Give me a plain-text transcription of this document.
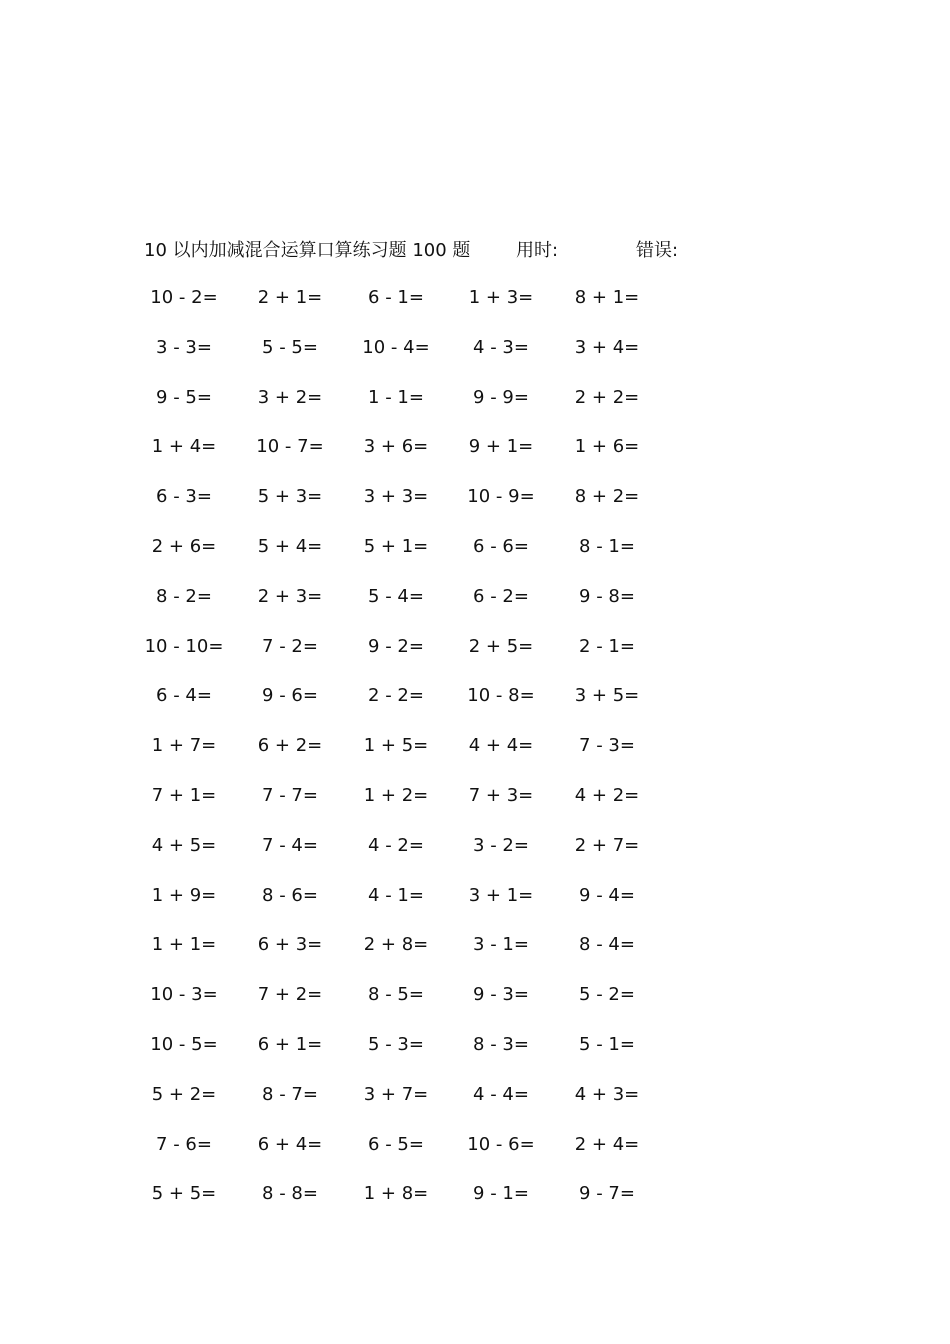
10 以内加减混合运算口算练习题 100 题	用时:	错误:
10 - 2=	2 + 1=	6 - 1=	1 + 3=	8 + 1=
3 - 3=	5 - 5=	10 - 4=	4 - 3=	3 + 4=
9 - 5=	3 + 2=	1 - 1=	9 - 9=	2 + 2=
1 + 4=	10 - 7=	3 + 6=	9 + 1=	1 + 6=
6 - 3=	5 + 3=	3 + 3=	10 - 9=	8 + 2=
2 + 6=	5 + 4=	5 + 1=	6 - 6=	8 - 1=
8 - 2=	2 + 3=	5 - 4=	6 - 2=	9 - 8=
10 - 10=	7 - 2=	9 - 2=	2 + 5=	2 - 1=
6 - 4=	9 - 6=	2 - 2=	10 - 8=	3 + 5=
1 + 7=	6 + 2=	1 + 5=	4 + 4=	7 - 3=
7 + 1=	7 - 7=	1 + 2=	7 + 3=	4 + 2=
4 + 5=	7 - 4=	4 - 2=	3 - 2=	2 + 7=
1 + 9=	8 - 6=	4 - 1=	3 + 1=	9 - 4=
1 + 1=	6 + 3=	2 + 8=	3 - 1=	8 - 4=
10 - 3=	7 + 2=	8 - 5=	9 - 3=	5 - 2=
10 - 5=	6 + 1=	5 - 3=	8 - 3=	5 - 1=
5 + 2=	8 - 7=	3 + 7=	4 - 4=	4 + 3=
7 - 6=	6 + 4=	6 - 5=	10 - 6=	2 + 4=
5 + 5=	8 - 8=	1 + 8=	9 - 1=	9 - 7=
